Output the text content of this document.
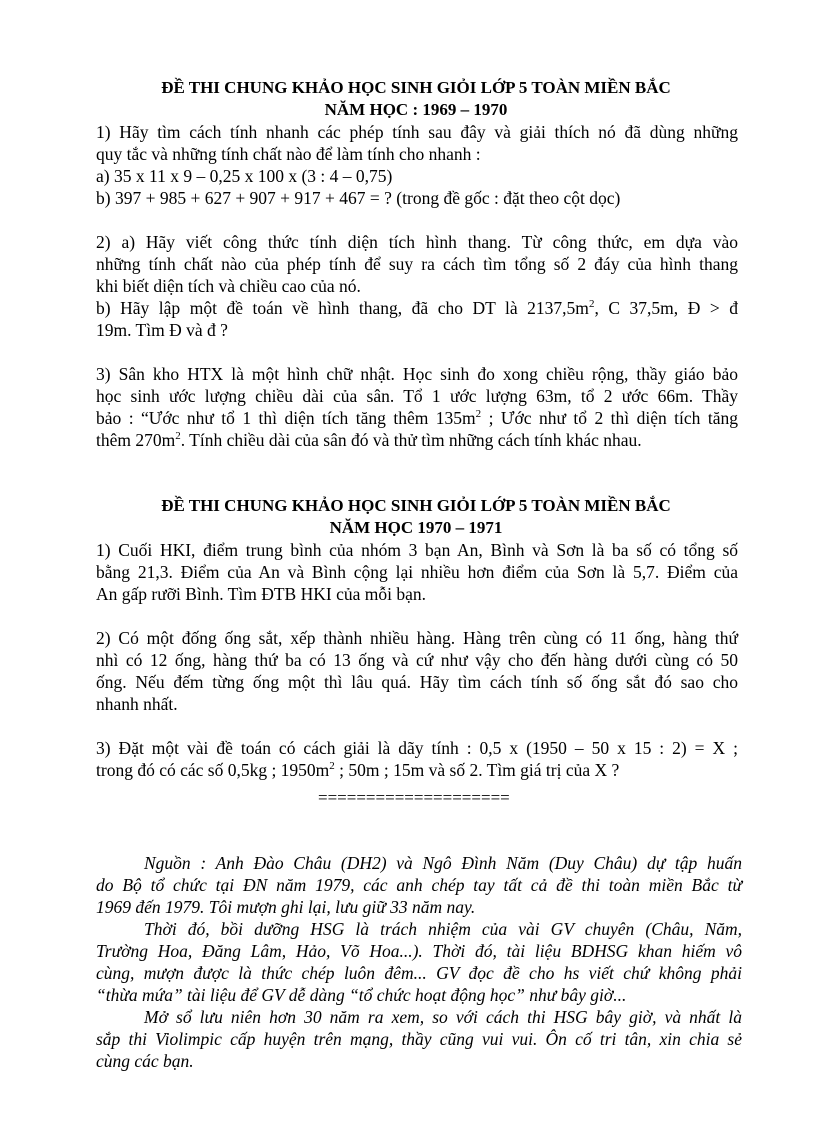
ĐỀ THI CHUNG KHẢO HỌC SINH GIỎI LỚP 5 TOÀN MIỀN BẮC
NĂM HỌC : 1969 – 1970
1) Hãy tìm cách tính nhanh các phép tính sau đây và giải thích nó đã dùng những
quy tắc và những tính chất nào để làm tính cho nhanh :
a) 35 x 11 x 9 – 0,25 x 100 x (3 : 4 – 0,75)
b) 397 + 985 + 627 + 907 + 917 + 467 = ? (trong đề gốc : đặt theo cột dọc)
2) a) Hãy viết công thức tính diện tích hình thang. Từ công thức, em dựa vào
những tính chất nào của phép tính để suy ra cách tìm tổng số 2 đáy của hình thang
khi biết diện tích và chiều cao của nó.
b) Hãy lập một đề toán về hình thang, đã cho DT là $2137,5m^2$, C 37,5m, Đ > đ
19m. Tìm Đ và đ ?
3) Sân kho HTX là một hình chữ nhật. Học sinh đo xong chiều rộng, thầy giáo bảo
học sinh ước lượng chiều dài của sân. Tổ 1 ước lượng 63m, tổ 2 ước 66m. Thầy
bảo : “Ước như tổ 1 thì diện tích tăng thêm $135m^2$ ; Ước như tổ 2 thì diện tích tăng
thêm $270m^2$. Tính chiều dài của sân đó và thử tìm những cách tính khác nhau.
ĐỀ THI CHUNG KHẢO HỌC SINH GIỎI LỚP 5 TOÀN MIỀN BẮC
NĂM HỌC 1970 – 1971
1) Cuối HKI, điểm trung bình của nhóm 3 bạn An, Bình và Sơn là ba số có tổng số
bằng 21,3. Điểm của An và Bình cộng lại nhiều hơn điểm của Sơn là 5,7. Điểm của
An gấp rưỡi Bình. Tìm ĐTB HKI của mỗi bạn.
2) Có một đống ống sắt, xếp thành nhiều hàng. Hàng trên cùng có 11 ống, hàng thứ
nhì có 12 ống, hàng thứ ba có 13 ống và cứ như vậy cho đến hàng dưới cùng có 50
ống. Nếu đếm từng ống một thì lâu quá. Hãy tìm cách tính số ống sắt đó sao cho
nhanh nhất.
3) Đặt một vài đề toán có cách giải là dãy tính : 0,5 x (1950 – 50 x 15 : 2) = X ;
trong đó có các số 0,5kg ; $1950m^2$ ; 50m ; 15m và số 2. Tìm giá trị của X ?
====================
Nguồn : Anh Đào Châu (DH2) và Ngô Đình Năm (Duy Châu) dự tập huấn
do Bộ tổ chức tại ĐN năm 1979, các anh chép tay tất cả đề thi toàn miền Bắc từ
1969 đến 1979. Tôi mượn ghi lại, lưu giữ 33 năm nay.
Thời đó, bồi dưỡng HSG là trách nhiệm của vài GV chuyên (Châu, Năm,
Trường Hoa, Đăng Lâm, Hảo, Võ Hoa...). Thời đó, tài liệu BDHSG khan hiếm vô
cùng, mượn được là thức chép luôn đêm... GV đọc đề cho hs viết chứ không phải
“thừa mứa” tài liệu để GV dễ dàng “tổ chức hoạt động học” như bây giờ...
Mở sổ lưu niên hơn 30 năm ra xem, so với cách thi HSG bây giờ, và nhất là
sắp thi Violimpic cấp huyện trên mạng, thầy cũng vui vui. Ôn cố tri tân, xin chia sẻ
cùng các bạn.
